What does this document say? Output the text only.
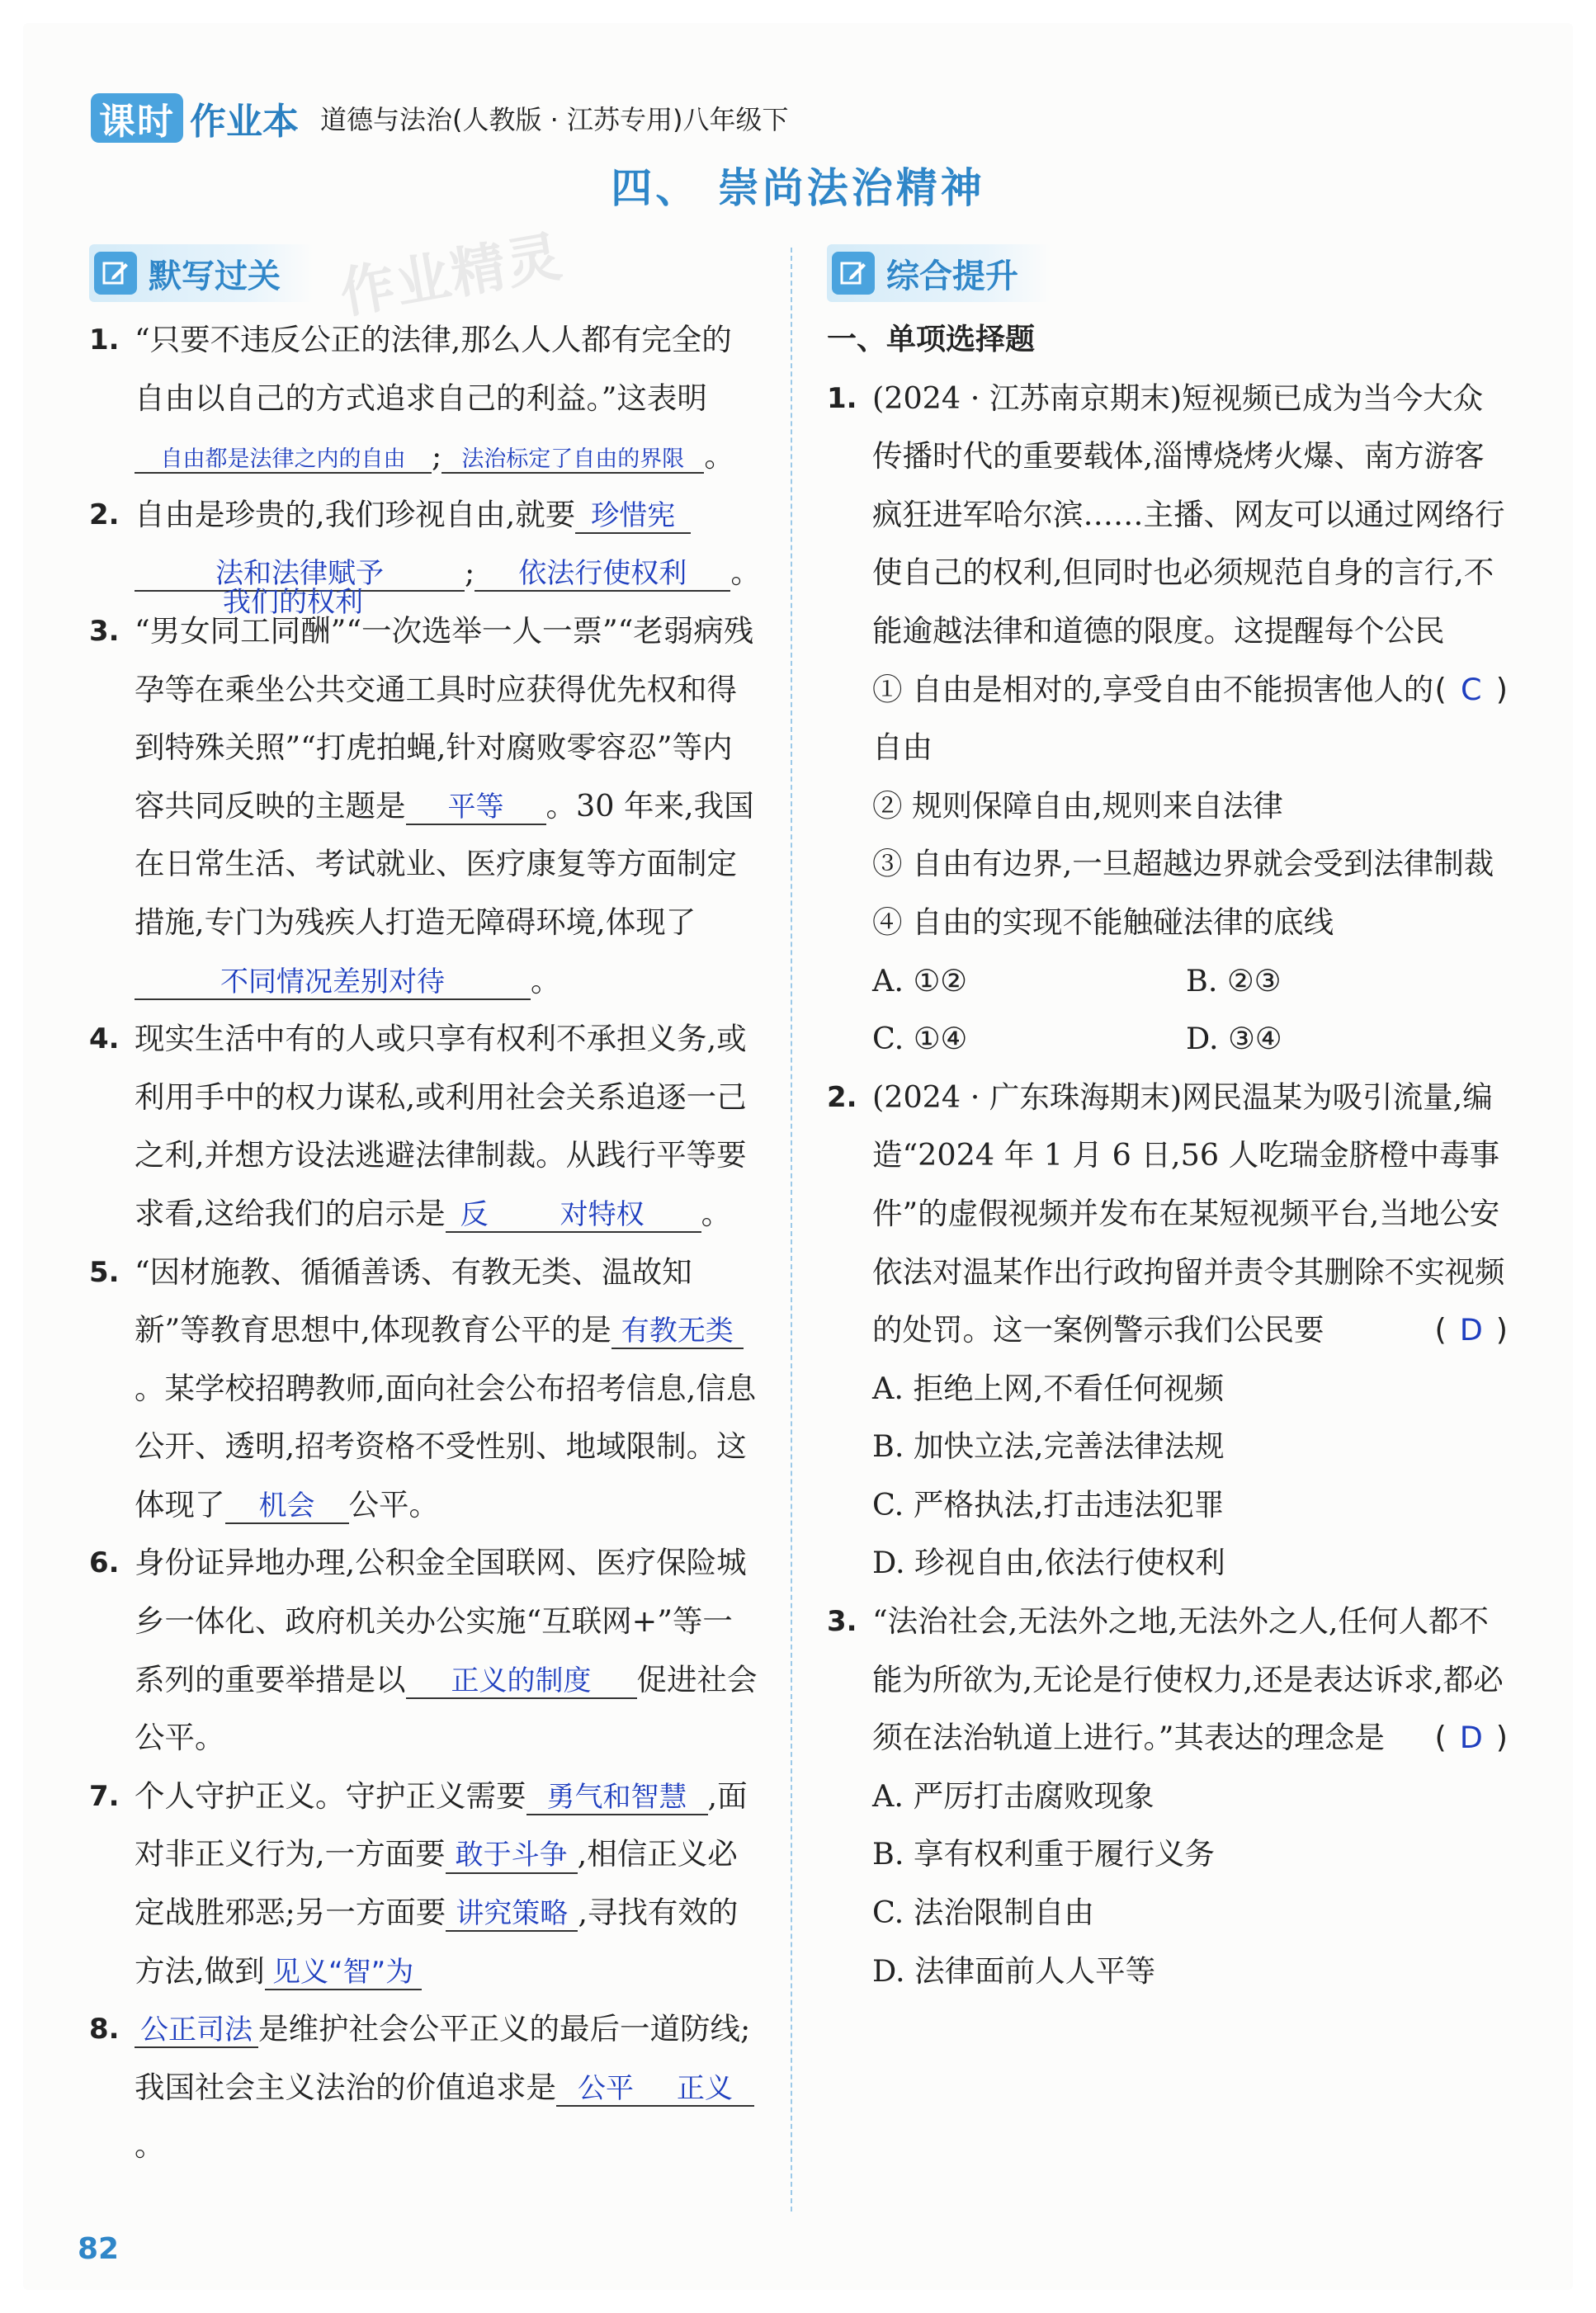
课时 作业本 道德与法治(人教版 · 江苏专用)八年级下
四、 崇尚法治精神
默写过关 作业精灵	综合提升
1. “只要不违反公正的法律,那么人人都有完全的自由以自己的方式追求自己的利益。”这表明自由都是法律之内的自由 ; 法治标定了自由的界限 。
2. 自由是珍贵的,我们珍视自由,就要 珍惜宪法和法律赋予	; 依法行使权利 。
我们的权利
3. “男女同工同酬”“一次选举一人一票”“老弱病残孕等在乘坐公共交通工具时应获得优先权和得到特殊关照”“打虎拍蝇,针对腐败零容忍”等内容共同反映的主题是 平等 。30 年来,我国在日常生活、考试就业、医疗康复等方面制定措施,专门为残疾人打造无障碍环境,体现了不同情况差别对待	。
4. 现实生活中有的人或只享有权利不承担义务,或利用手中的权力谋私,或利用社会关系追逐一己之利,并想方设法逃避法律制裁。从践行平等要求看,这给我们的启示是 反	对特权 。
5. “因材施教、循循善诱、有教无类、温故知新”等教育思想中,体现教育公平的是 有教无类。某学校招聘教师,面向社会公布招考信息,信息公开、透明,招考资格不受性别、地域限制。这体现了 机会 公平。
6. 身份证异地办理,公积金全国联网、医疗保险城乡一体化、政府机关办公实施“互联网+”等一系列的重要举措是以 正义的制度 促进社会公平。
7. 个人守护正义。守护正义需要 勇气和智慧 ,面对非正义行为,一方面要 敢于斗争 ,相信正义必定战胜邪恶;另一方面要 讲究策略 ,寻找有效的方法,做到 见义“智”为
8. 公正司法 是维护社会公平正义的最后一道防线;我国社会主义法治的价值追求是 公平 正义。
一、单项选择题
1. (2024 · 江苏南京期末)短视频已成为当今大众传播时代的重要载体,淄博烧烤火爆、南方游客疯狂进军哈尔滨……主播、网友可以通过网络行使自己的权利,但同时也必须规范自身的言行,不能逾越法律和道德的限度。这提醒每个公民
( C )
① 自由是相对的,享受自由不能损害他人的自由
② 规则保障自由,规则来自法律
③ 自由有边界,一旦超越边界就会受到法律制裁
④ 自由的实现不能触碰法律的底线
A. ①②	B. ②③
C. ①④	D. ③④
2. (2024 · 广东珠海期末)网民温某为吸引流量,编造“2024 年 1 月 6 日,56 人吃瑞金脐橙中毒事件”的虚假视频并发布在某短视频平台,当地公安依法对温某作出行政拘留并责令其删除不实视频的处罚。这一案例警示我们公民要	( D )
A. 拒绝上网,不看任何视频
B. 加快立法,完善法律法规
C. 严格执法,打击违法犯罪
D. 珍视自由,依法行使权利
3. “法治社会,无法外之地,无法外之人,任何人都不能为所欲为,无论是行使权力,还是表达诉求,都必须在法治轨道上进行。”其表达的理念是 ( D )
A. 严厉打击腐败现象
B. 享有权利重于履行义务
C. 法治限制自由
D. 法律面前人人平等
82
